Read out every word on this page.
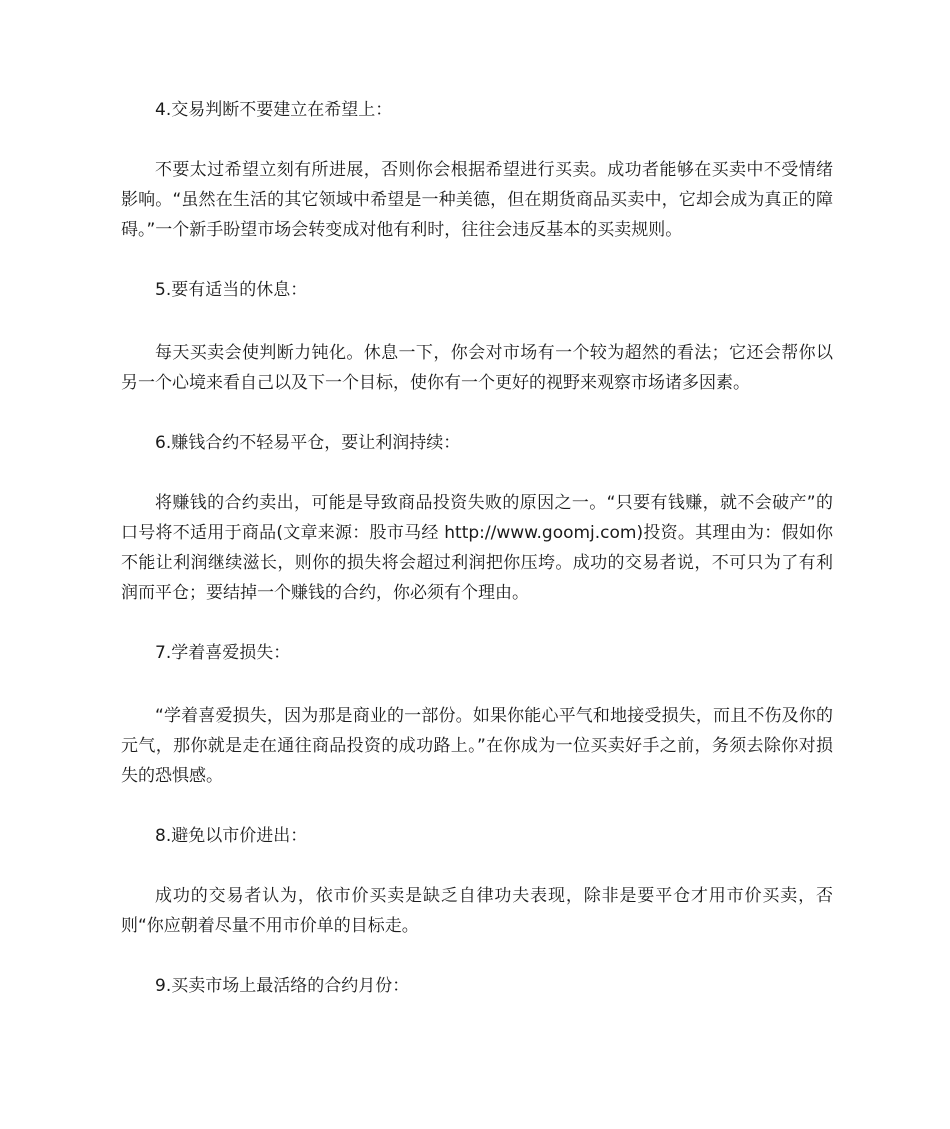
4.交易判断不要建立在希望上：

不要太过希望立刻有所进展，否则你会根据希望进行买卖。成功者能够在买卖中不受情绪影响。“虽然在生活的其它领域中希望是一种美德，但在期货商品买卖中，它却会成为真正的障碍。”一个新手盼望市场会转变成对他有利时，往往会违反基本的买卖规则。

5.要有适当的休息：

每天买卖会使判断力钝化。休息一下，你会对市场有一个较为超然的看法；它还会帮你以另一个心境来看自己以及下一个目标，使你有一个更好的视野来观察市场诸多因素。

6.赚钱合约不轻易平仓，要让利润持续：

将赚钱的合约卖出，可能是导致商品投资失败的原因之一。“只要有钱赚，就不会破产”的口号将不适用于商品(文章来源：股市马经 http://www.goomj.com)投资。其理由为：假如你不能让利润继续滋长，则你的损失将会超过利润把你压垮。成功的交易者说，不可只为了有利润而平仓；要结掉一个赚钱的合约，你必须有个理由。

7.学着喜爱损失：

“学着喜爱损失，因为那是商业的一部份。如果你能心平气和地接受损失，而且不伤及你的元气，那你就是走在通往商品投资的成功路上。”在你成为一位买卖好手之前，务须去除你对损失的恐惧感。

8.避免以市价进出：

成功的交易者认为，依市价买卖是缺乏自律功夫表现，除非是要平仓才用市价买卖，否则“你应朝着尽量不用市价单的目标走。

9.买卖市场上最活络的合约月份：
